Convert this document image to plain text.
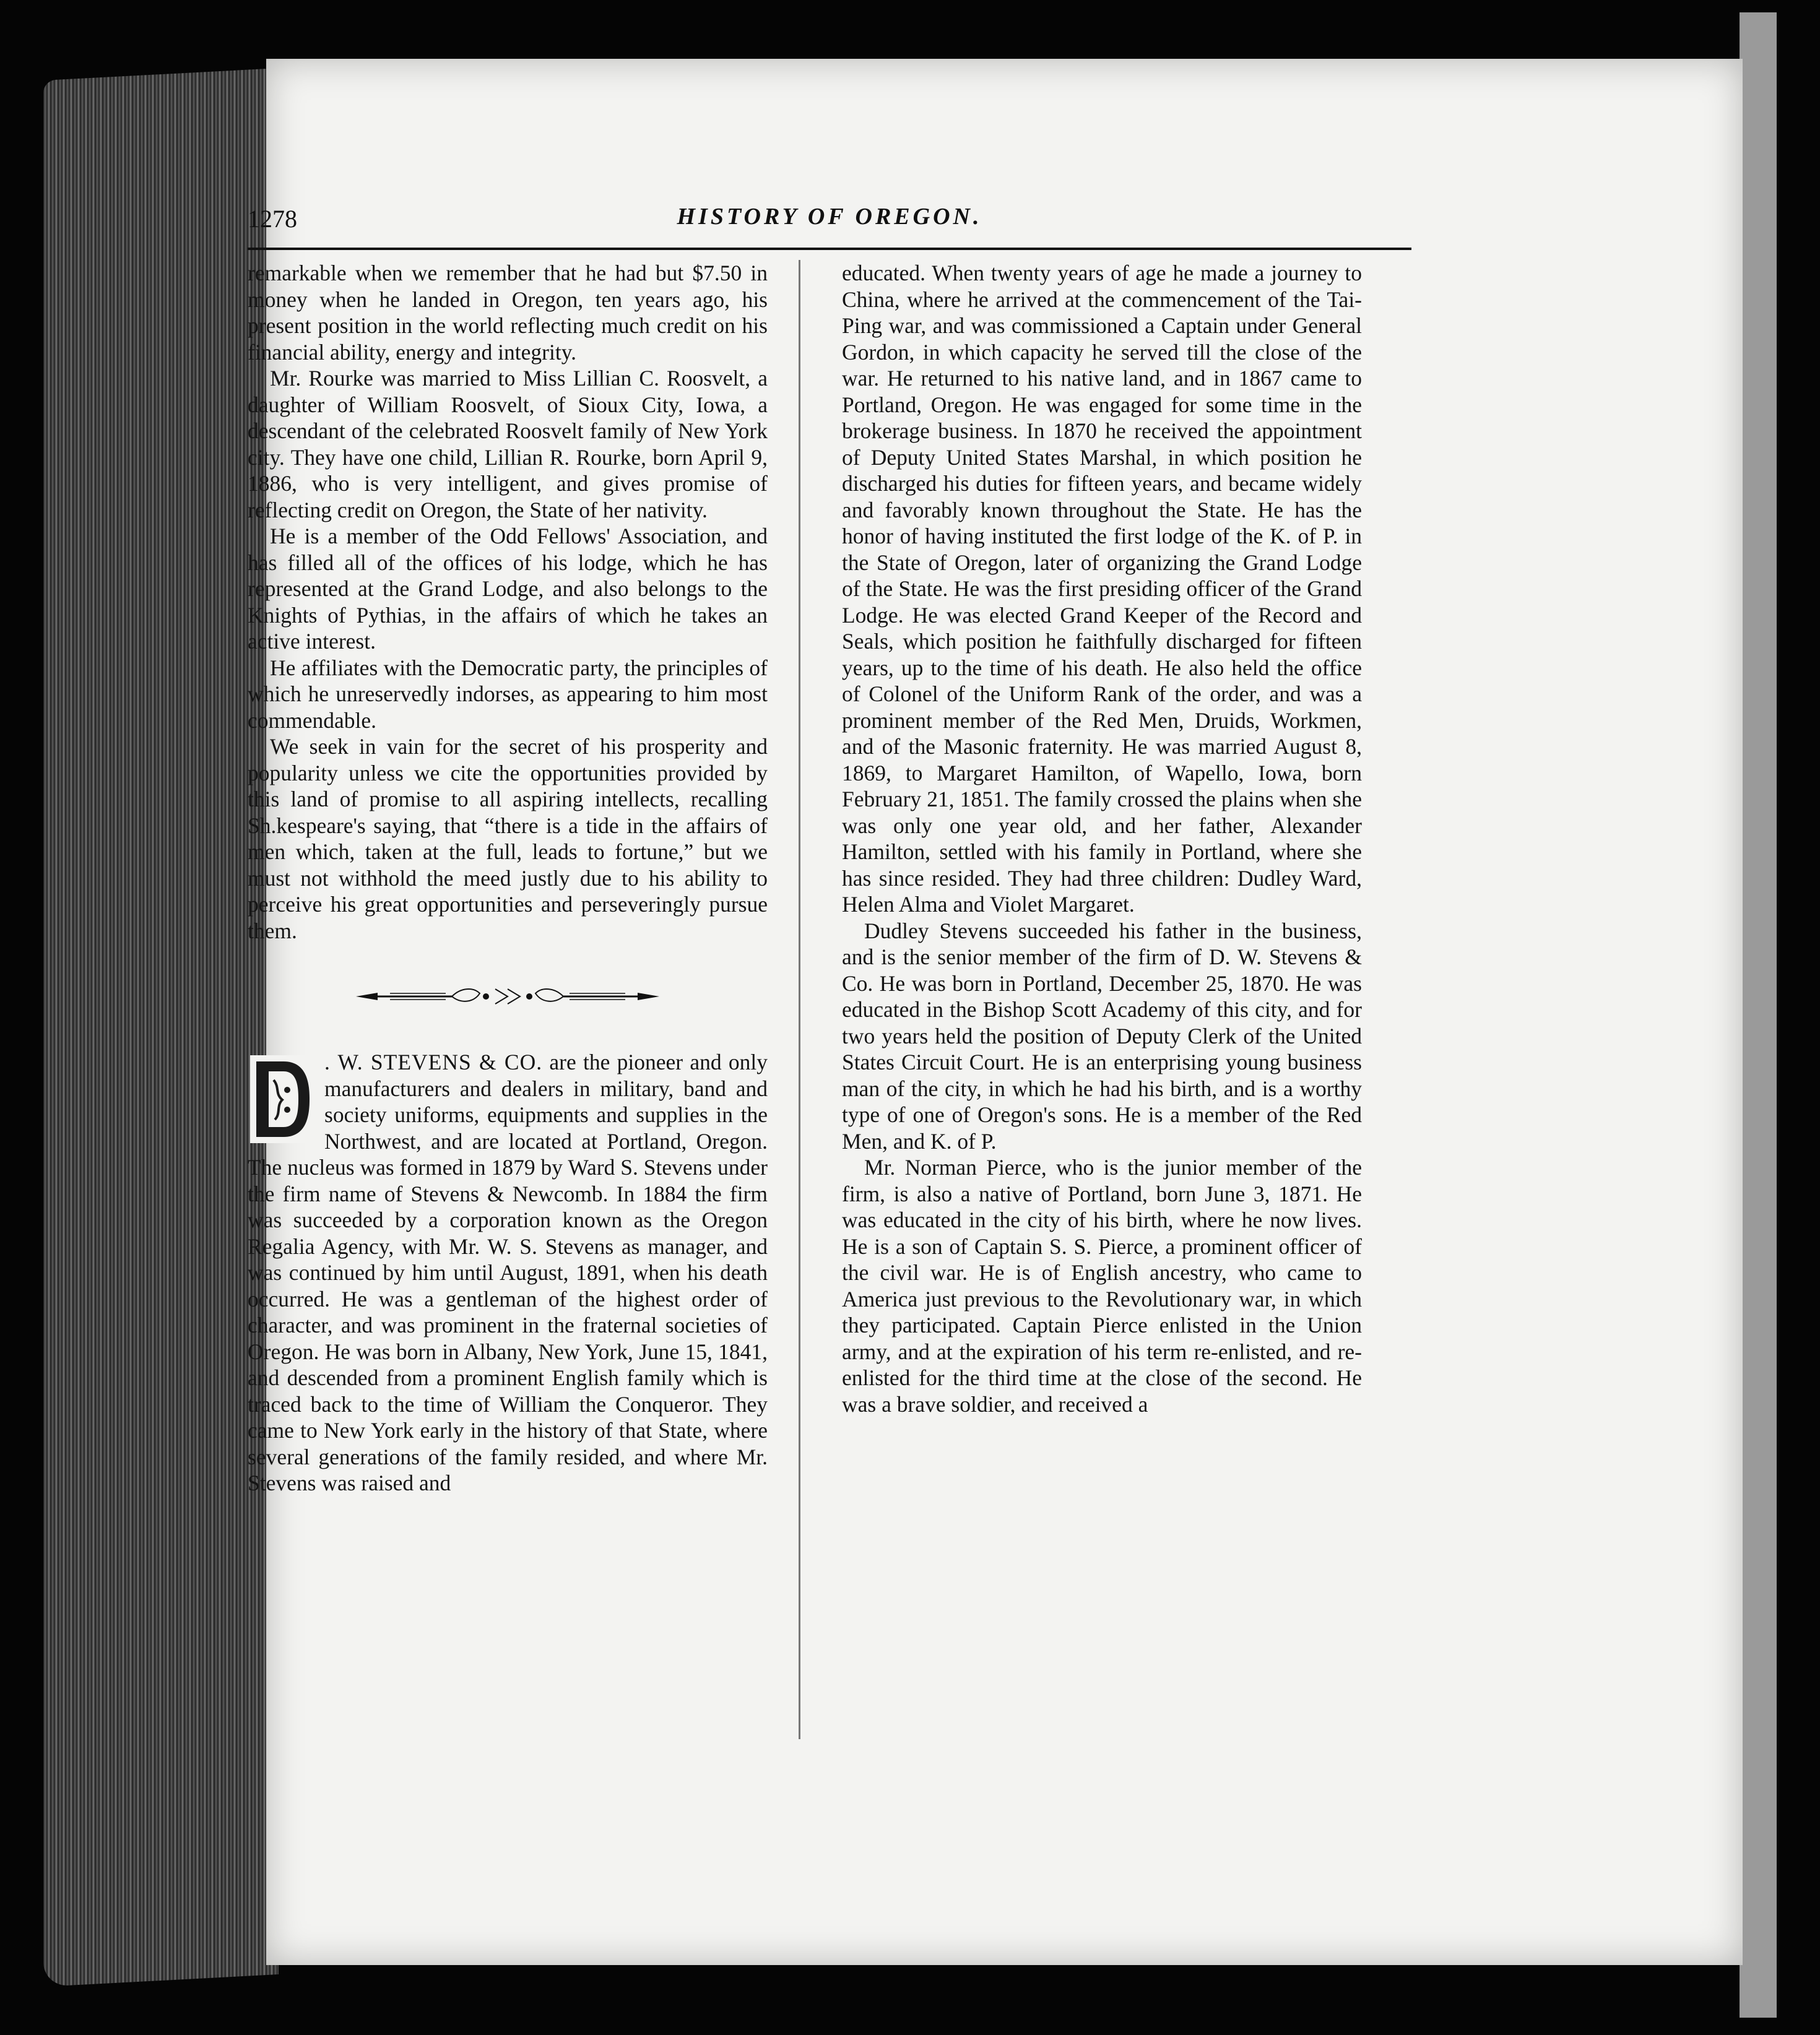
1278	HISTORY OF OREGON.

remarkable when we remember that he had but $7.50 in money when he landed in Oregon, ten years ago, his present position in the world reflecting much credit on his financial ability, energy and integrity.

Mr. Rourke was married to Miss Lillian C. Roosvelt, a daughter of William Roosvelt, of Sioux City, Iowa, a descendant of the celebrated Roosvelt family of New York city. They have one child, Lillian R. Rourke, born April 9, 1886, who is very intelligent, and gives promise of reflecting credit on Oregon, the State of her nativity.

He is a member of the Odd Fellows' Association, and has filled all of the offices of his lodge, which he has represented at the Grand Lodge, and also belongs to the Knights of Pythias, in the affairs of which he takes an active interest.

He affiliates with the Democratic party, the principles of which he unreservedly indorses, as appearing to him most commendable.

We seek in vain for the secret of his prosperity and popularity unless we cite the opportunities provided by this land of promise to all aspiring intellects, recalling Sh.kespeare's saying, that “there is a tide in the affairs of men which, taken at the full, leads to fortune,” but we must not withhold the meed justly due to his ability to perceive his great opportunities and perseveringly pursue them.

. W. STEVENS & CO. are the pioneer and only manufacturers and dealers in military, band and society uniforms, equipments and supplies in the Northwest, and are located at Portland, Oregon. The nucleus was formed in 1879 by Ward S. Stevens under the firm name of Stevens & Newcomb. In 1884 the firm was succeeded by a corporation known as the Oregon Regalia Agency, with Mr. W. S. Stevens as manager, and was continued by him until August, 1891, when his death occurred. He was a gentleman of the highest order of character, and was prominent in the fraternal societies of Oregon. He was born in Albany, New York, June 15, 1841, and descended from a prominent English family which is traced back to the time of William the Conqueror. They came to New York early in the history of that State, where several generations of the family resided, and where Mr. Stevens was raised and

educated. When twenty years of age he made a journey to China, where he arrived at the commencement of the Tai-Ping war, and was commissioned a Captain under General Gordon, in which capacity he served till the close of the war. He returned to his native land, and in 1867 came to Portland, Oregon. He was engaged for some time in the brokerage business. In 1870 he received the appointment of Deputy United States Marshal, in which position he discharged his duties for fifteen years, and became widely and favorably known throughout the State. He has the honor of having instituted the first lodge of the K. of P. in the State of Oregon, later of organizing the Grand Lodge of the State. He was the first presiding officer of the Grand Lodge. He was elected Grand Keeper of the Record and Seals, which position he faithfully discharged for fifteen years, up to the time of his death. He also held the office of Colonel of the Uniform Rank of the order, and was a prominent member of the Red Men, Druids, Workmen, and of the Masonic fraternity. He was married August 8, 1869, to Margaret Hamilton, of Wapello, Iowa, born February 21, 1851. The family crossed the plains when she was only one year old, and her father, Alexander Hamilton, settled with his family in Portland, where she has since resided. They had three children: Dudley Ward, Helen Alma and Violet Margaret.

Dudley Stevens succeeded his father in the business, and is the senior member of the firm of D. W. Stevens & Co. He was born in Portland, December 25, 1870. He was educated in the Bishop Scott Academy of this city, and for two years held the position of Deputy Clerk of the United States Circuit Court. He is an enterprising young business man of the city, in which he had his birth, and is a worthy type of one of Oregon's sons. He is a member of the Red Men, and K. of P.

Mr. Norman Pierce, who is the junior member of the firm, is also a native of Portland, born June 3, 1871. He was educated in the city of his birth, where he now lives. He is a son of Captain S. S. Pierce, a prominent officer of the civil war. He is of English ancestry, who came to America just previous to the Revolutionary war, in which they participated. Captain Pierce enlisted in the Union army, and at the expiration of his term re-enlisted, and re-enlisted for the third time at the close of the second. He was a brave soldier, and received a
